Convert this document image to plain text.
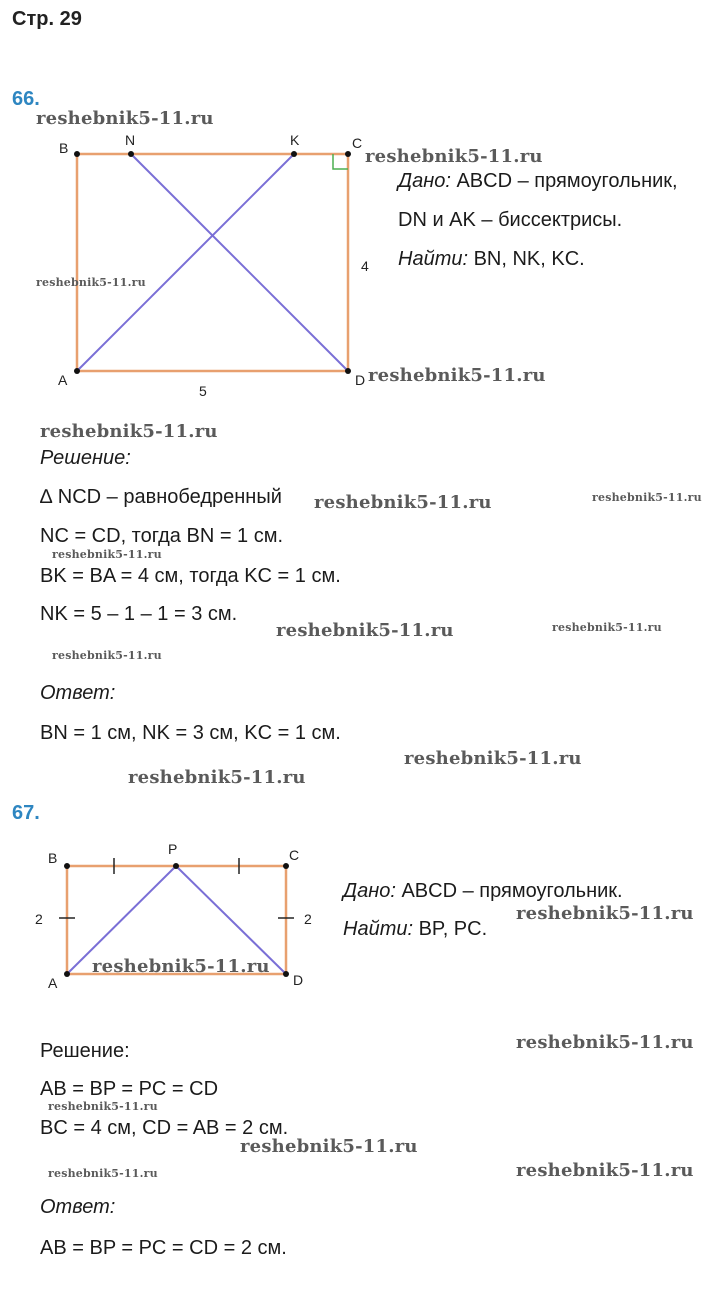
Стр. 29
66.
B	N	K	C
A	D
5
4
Дано: ABCD – прямоугольник,
DN и AK – биссектрисы.
Найти: BN, NK, KC.
Решение:
∆ NCD – равнобедренный
NC = CD, тогда BN = 1 см.
BK = BA = 4 см, тогда KC = 1 см.
NK = 5 – 1 – 1 = 3 см.
Ответ:
BN = 1 см, NK = 3 см, KC = 1 см.
67.
B
P	C
A	D
2	2
Дано: ABCD – прямоугольник.
Найти: BP, PC.
Решение:
AB = BP = PC = CD
BC = 4 см, CD = AB = 2 см.
Ответ:
AB = BP = PC = CD = 2 см.
reshebnik5-11.ru
reshebnik5-11.ru
reshebnik5-11.ru
reshebnik5-11.ru
reshebnik5-11.ru
reshebnik5-11.ru	reshebnik5-11.ru
reshebnik5-11.ru
reshebnik5-11.ru	reshebnik5-11.ru
reshebnik5-11.ru
reshebnik5-11.ru
reshebnik5-11.ru
reshebnik5-11.ru
reshebnik5-11.ru
reshebnik5-11.ru
reshebnik5-11.ru
reshebnik5-11.ru
reshebnik5-11.ru	reshebnik5-11.ru
